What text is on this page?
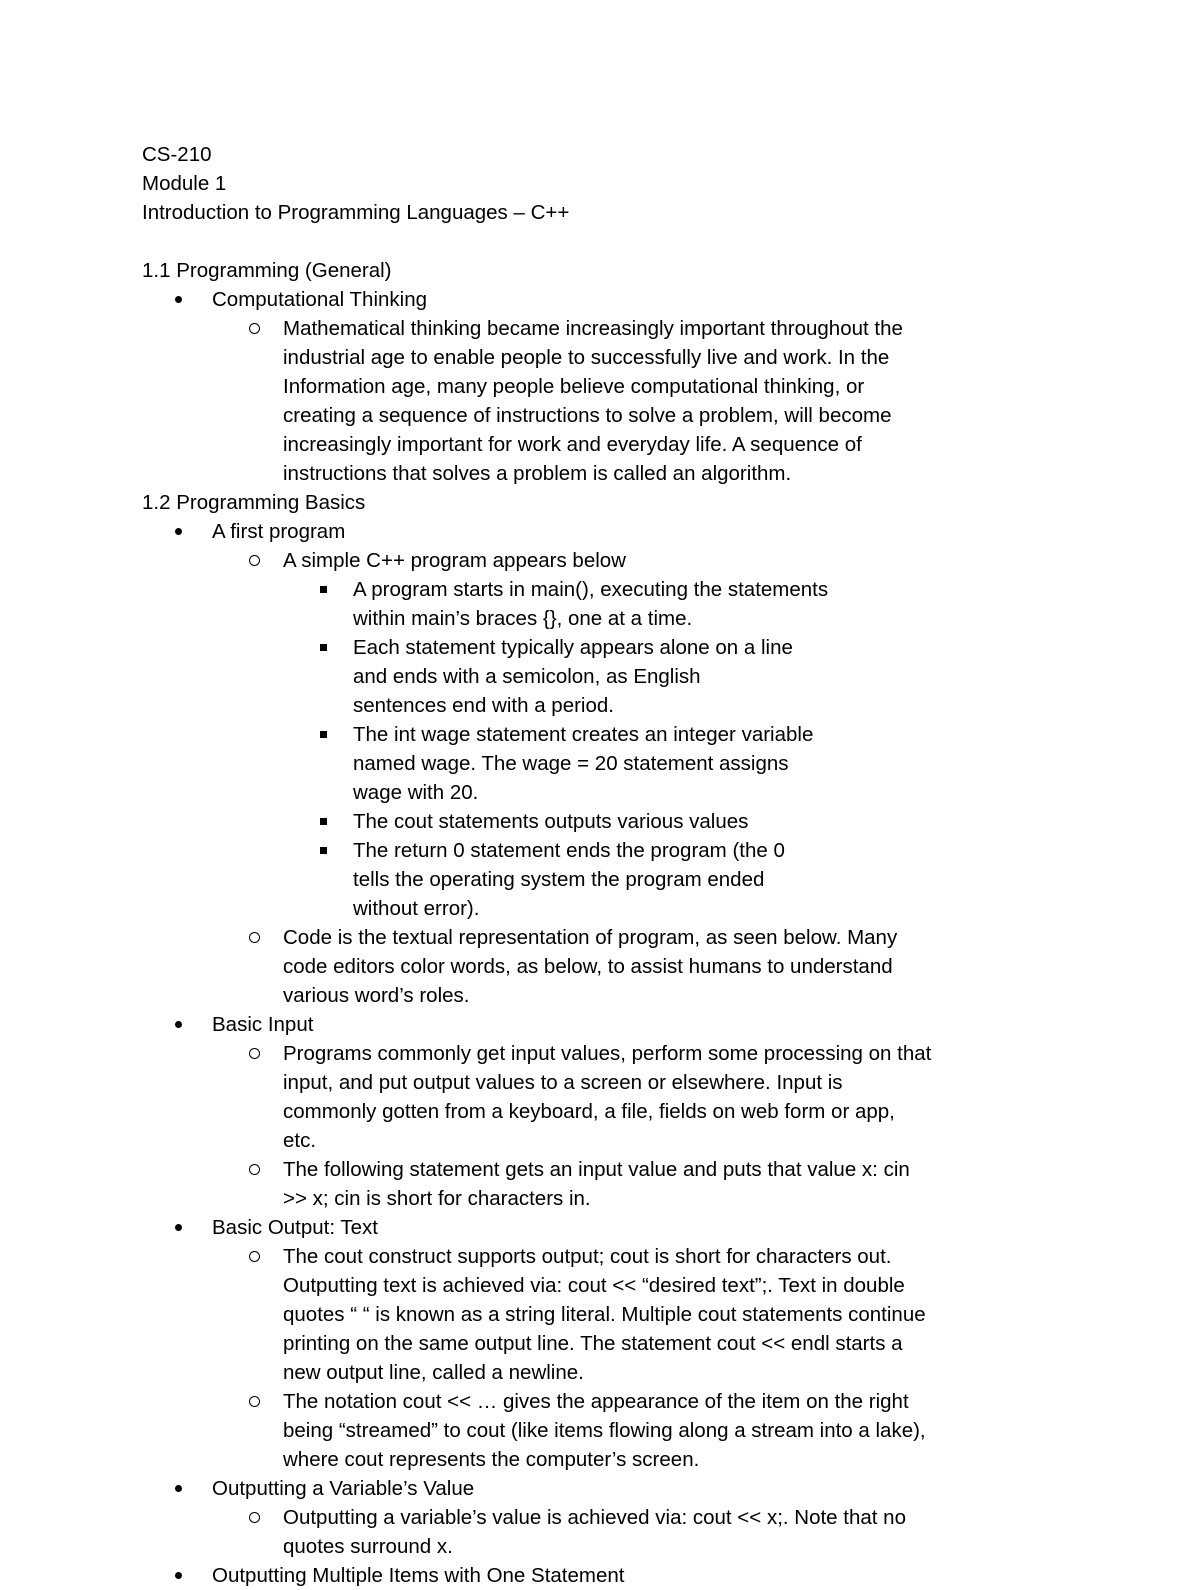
CS-210

Module 1

Introduction to Programming Languages – C++

1.1 Programming (General)

Computational Thinking
Mathematical thinking became increasingly important throughout the industrial age to enable people to successfully live and work. In the Information age, many people believe computational thinking, or creating a sequence of instructions to solve a problem, will become increasingly important for work and everyday life. A sequence of instructions that solves a problem is called an algorithm.

1.2 Programming Basics

A first program
A simple C++ program appears below
A program starts in main(), executing the statements within main’s braces {}, one at a time.
Each statement typically appears alone on a line and ends with a semicolon, as English sentences end with a period.
The int wage statement creates an integer variable named wage. The wage = 20 statement assigns wage with 20.
The cout statements outputs various values
The return 0 statement ends the program (the 0 tells the operating system the program ended without error).
Code is the textual representation of program, as seen below. Many code editors color words, as below, to assist humans to understand various word’s roles.
Basic Input
Programs commonly get input values, perform some processing on that input, and put output values to a screen or elsewhere. Input is commonly gotten from a keyboard, a file, fields on web form or app, etc.
The following statement gets an input value and puts that value x: cin >> x; cin is short for characters in.
Basic Output: Text
The cout construct supports output; cout is short for characters out. Outputting text is achieved via: cout << “desired text”;. Text in double quotes “ “ is known as a string literal. Multiple cout statements continue printing on the same output line. The statement cout << endl starts a new output line, called a newline.
The notation cout << … gives the appearance of the item on the right being “streamed” to cout (like items flowing along a stream into a lake), where cout represents the computer’s screen.
Outputting a Variable’s Value
Outputting a variable’s value is achieved via: cout << x;. Note that no quotes surround x.
Outputting Multiple Items with One Statement
